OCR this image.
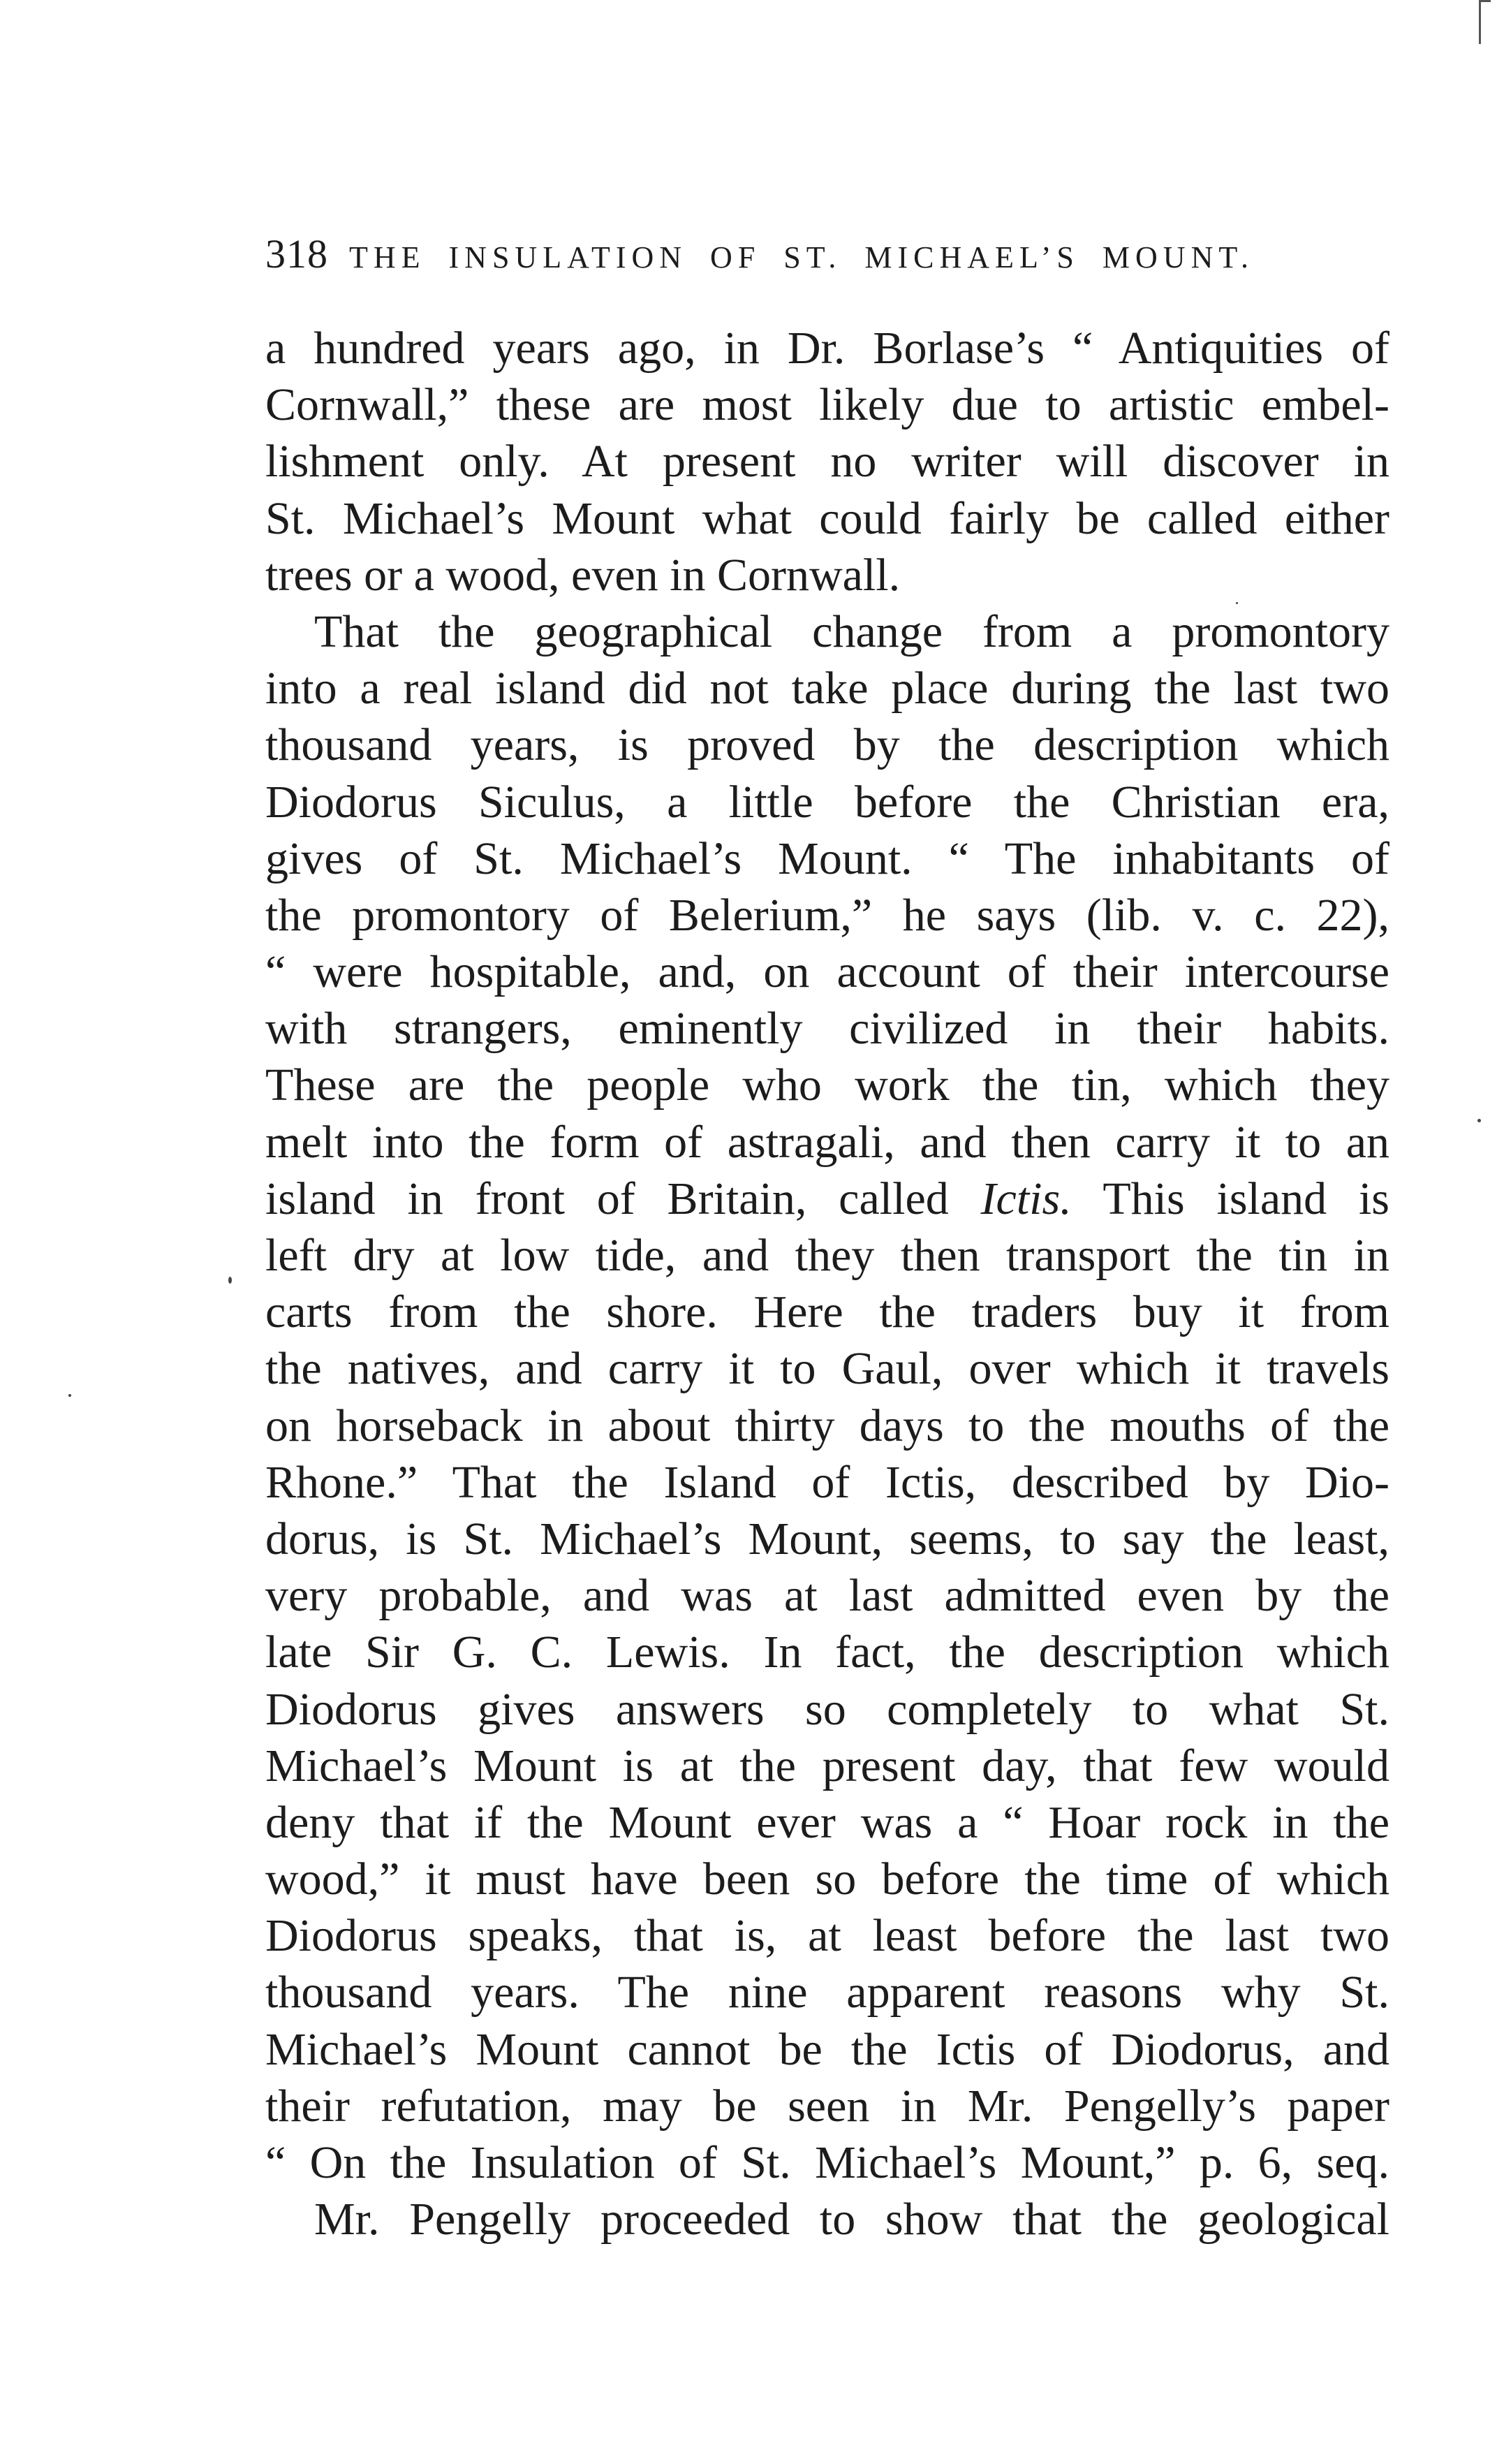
318 THE INSULATION OF ST. MICHAEL’S MOUNT.
a hundred years ago, in Dr. Borlase’s “ Antiquities of
Cornwall,” these are most likely due to artistic embel-
lishment only. At present no writer will discover in
St. Michael’s Mount what could fairly be called either
trees or a wood, even in Cornwall.
That the geographical change from a promontory
into a real island did not take place during the last two
thousand years, is proved by the description which
Diodorus Siculus, a little before the Christian era,
gives of St. Michael’s Mount. “ The inhabitants of
the promontory of Belerium,” he says (lib. v. c. 22),
“ were hospitable, and, on account of their intercourse
with strangers, eminently civilized in their habits.
These are the people who work the tin, which they
melt into the form of astragali, and then carry it to an
island in front of Britain, called Ictis. This island is
left dry at low tide, and they then transport the tin in
carts from the shore. Here the traders buy it from
the natives, and carry it to Gaul, over which it travels
on horseback in about thirty days to the mouths of the
Rhone.” That the Island of Ictis, described by Dio-
dorus, is St. Michael’s Mount, seems, to say the least,
very probable, and was at last admitted even by the
late Sir G. C. Lewis. In fact, the description which
Diodorus gives answers so completely to what St.
Michael’s Mount is at the present day, that few would
deny that if the Mount ever was a “ Hoar rock in the
wood,” it must have been so before the time of which
Diodorus speaks, that is, at least before the last two
thousand years. The nine apparent reasons why St.
Michael’s Mount cannot be the Ictis of Diodorus, and
their refutation, may be seen in Mr. Pengelly’s paper
“ On the Insulation of St. Michael’s Mount,” p. 6, seq.
Mr. Pengelly proceeded to show that the geological
